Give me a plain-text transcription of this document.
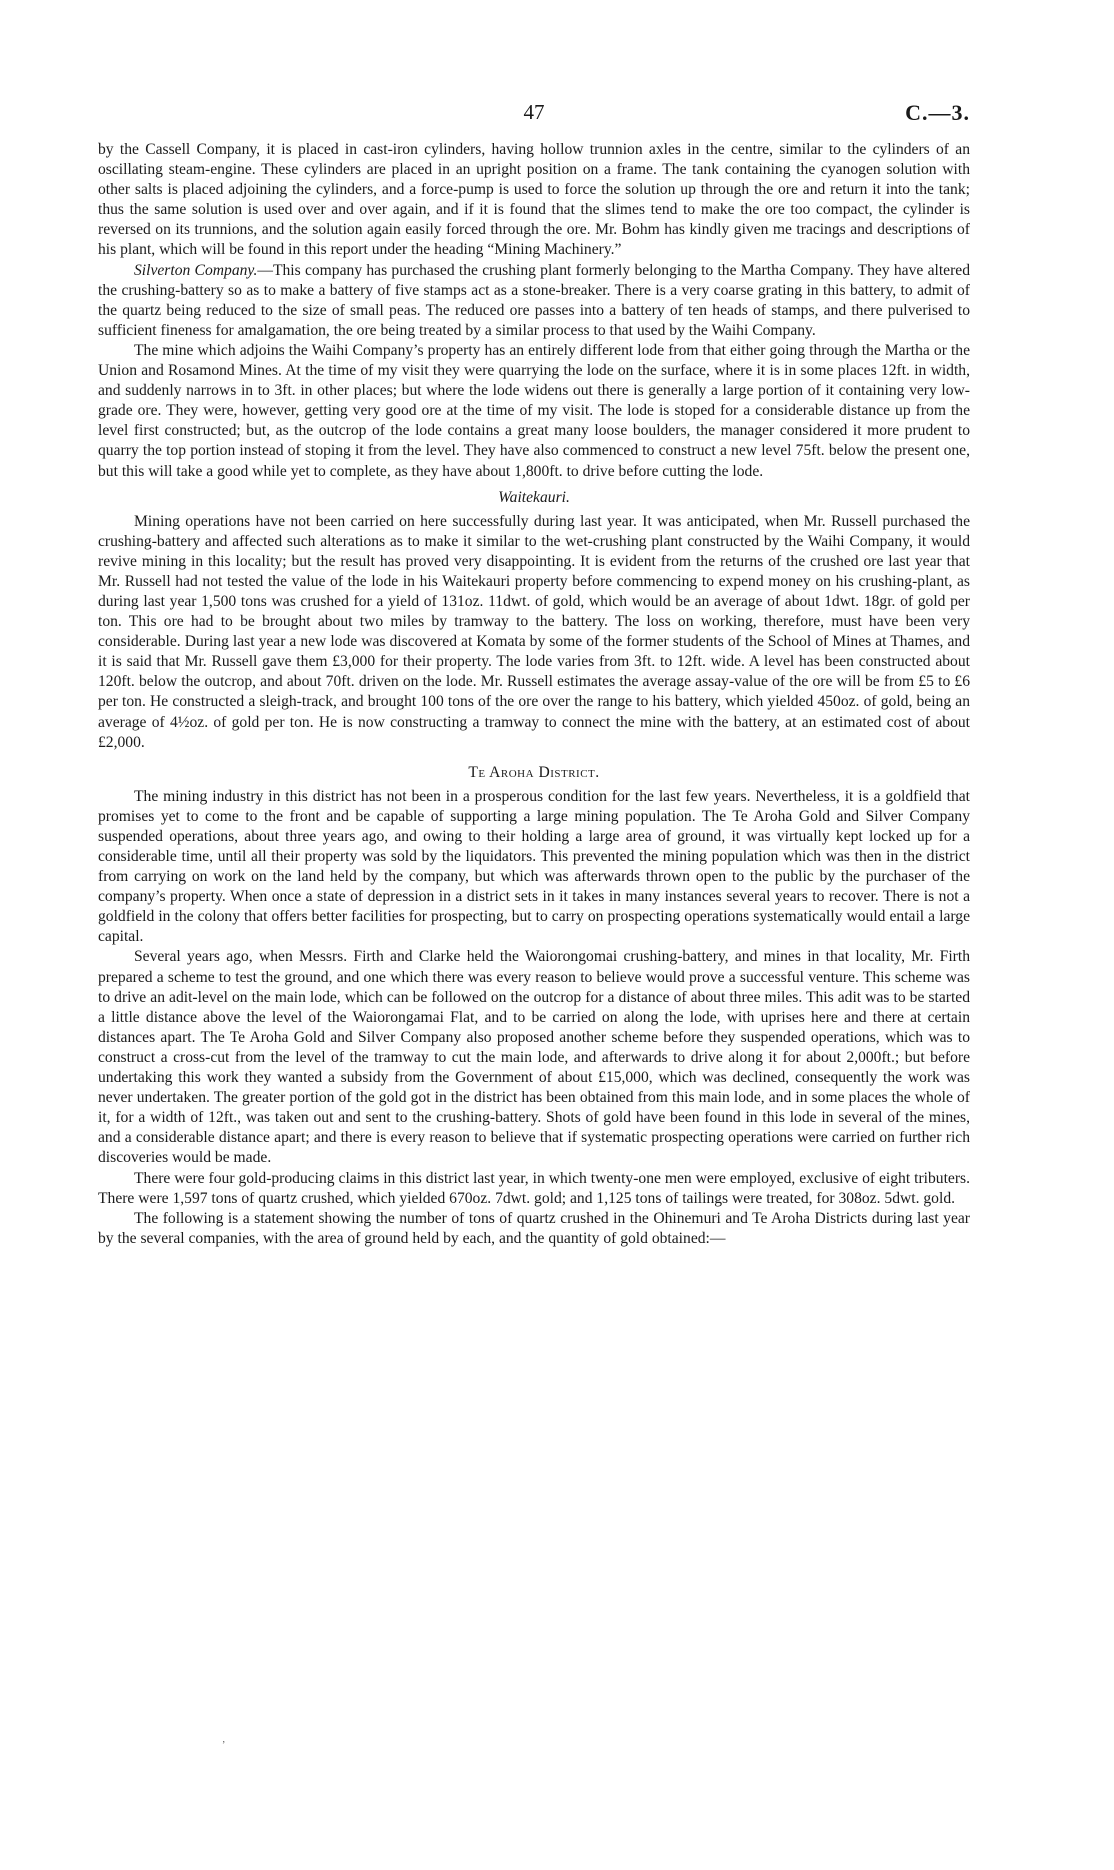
47	C.—3.

by the Cassell Company, it is placed in cast-iron cylinders, having hollow trunnion axles in the centre, similar to the cylinders of an oscillating steam-engine. These cylinders are placed in an upright position on a frame. The tank containing the cyanogen solution with other salts is placed adjoining the cylinders, and a force-pump is used to force the solution up through the ore and return it into the tank; thus the same solution is used over and over again, and if it is found that the slimes tend to make the ore too compact, the cylinder is reversed on its trunnions, and the solution again easily forced through the ore. Mr. Bohm has kindly given me tracings and descriptions of his plant, which will be found in this report under the heading “Mining Machinery.”

Silverton Company.—This company has purchased the crushing plant formerly belonging to the Martha Company. They have altered the crushing-battery so as to make a battery of five stamps act as a stone-breaker. There is a very coarse grating in this battery, to admit of the quartz being reduced to the size of small peas. The reduced ore passes into a battery of ten heads of stamps, and there pulverised to sufficient fineness for amalgamation, the ore being treated by a similar process to that used by the Waihi Company.

The mine which adjoins the Waihi Company’s property has an entirely different lode from that either going through the Martha or the Union and Rosamond Mines. At the time of my visit they were quarrying the lode on the surface, where it is in some places 12ft. in width, and suddenly narrows in to 3ft. in other places; but where the lode widens out there is generally a large portion of it containing very low-grade ore. They were, however, getting very good ore at the time of my visit. The lode is stoped for a considerable distance up from the level first constructed; but, as the outcrop of the lode contains a great many loose boulders, the manager considered it more prudent to quarry the top portion instead of stoping it from the level. They have also commenced to construct a new level 75ft. below the present one, but this will take a good while yet to complete, as they have about 1,800ft. to drive before cutting the lode.

Waitekauri.

Mining operations have not been carried on here successfully during last year. It was anticipated, when Mr. Russell purchased the crushing-battery and affected such alterations as to make it similar to the wet-crushing plant constructed by the Waihi Company, it would revive mining in this locality; but the result has proved very disappointing. It is evident from the returns of the crushed ore last year that Mr. Russell had not tested the value of the lode in his Waitekauri property before commencing to expend money on his crushing-plant, as during last year 1,500 tons was crushed for a yield of 131oz. 11dwt. of gold, which would be an average of about 1dwt. 18gr. of gold per ton. This ore had to be brought about two miles by tramway to the battery. The loss on working, therefore, must have been very considerable. During last year a new lode was discovered at Komata by some of the former students of the School of Mines at Thames, and it is said that Mr. Russell gave them £3,000 for their property. The lode varies from 3ft. to 12ft. wide. A level has been constructed about 120ft. below the outcrop, and about 70ft. driven on the lode. Mr. Russell estimates the average assay-value of the ore will be from £5 to £6 per ton. He constructed a sleigh-track, and brought 100 tons of the ore over the range to his battery, which yielded 450oz. of gold, being an average of 4½oz. of gold per ton. He is now constructing a tramway to connect the mine with the battery, at an estimated cost of about £2,000.

Te Aroha District.

The mining industry in this district has not been in a prosperous condition for the last few years. Nevertheless, it is a goldfield that promises yet to come to the front and be capable of supporting a large mining population. The Te Aroha Gold and Silver Company suspended operations, about three years ago, and owing to their holding a large area of ground, it was virtually kept locked up for a considerable time, until all their property was sold by the liquidators. This prevented the mining population which was then in the district from carrying on work on the land held by the company, but which was afterwards thrown open to the public by the purchaser of the company’s property. When once a state of depression in a district sets in it takes in many instances several years to recover. There is not a goldfield in the colony that offers better facilities for prospecting, but to carry on prospecting operations systematically would entail a large capital.

Several years ago, when Messrs. Firth and Clarke held the Waiorongomai crushing-battery, and mines in that locality, Mr. Firth prepared a scheme to test the ground, and one which there was every reason to believe would prove a successful venture. This scheme was to drive an adit-level on the main lode, which can be followed on the outcrop for a distance of about three miles. This adit was to be started a little distance above the level of the Waiorongamai Flat, and to be carried on along the lode, with uprises here and there at certain distances apart. The Te Aroha Gold and Silver Company also proposed another scheme before they suspended operations, which was to construct a cross-cut from the level of the tramway to cut the main lode, and afterwards to drive along it for about 2,000ft.; but before undertaking this work they wanted a subsidy from the Government of about £15,000, which was declined, consequently the work was never undertaken. The greater portion of the gold got in the district has been obtained from this main lode, and in some places the whole of it, for a width of 12ft., was taken out and sent to the crushing-battery. Shots of gold have been found in this lode in several of the mines, and a considerable distance apart; and there is every reason to believe that if systematic prospecting operations were carried on further rich discoveries would be made.

There were four gold-producing claims in this district last year, in which twenty-one men were employed, exclusive of eight tributers. There were 1,597 tons of quartz crushed, which yielded 670oz. 7dwt. gold; and 1,125 tons of tailings were treated, for 308oz. 5dwt. gold.

The following is a statement showing the number of tons of quartz crushed in the Ohinemuri and Te Aroha Districts during last year by the several companies, with the area of ground held by each, and the quantity of gold obtained:—

’
